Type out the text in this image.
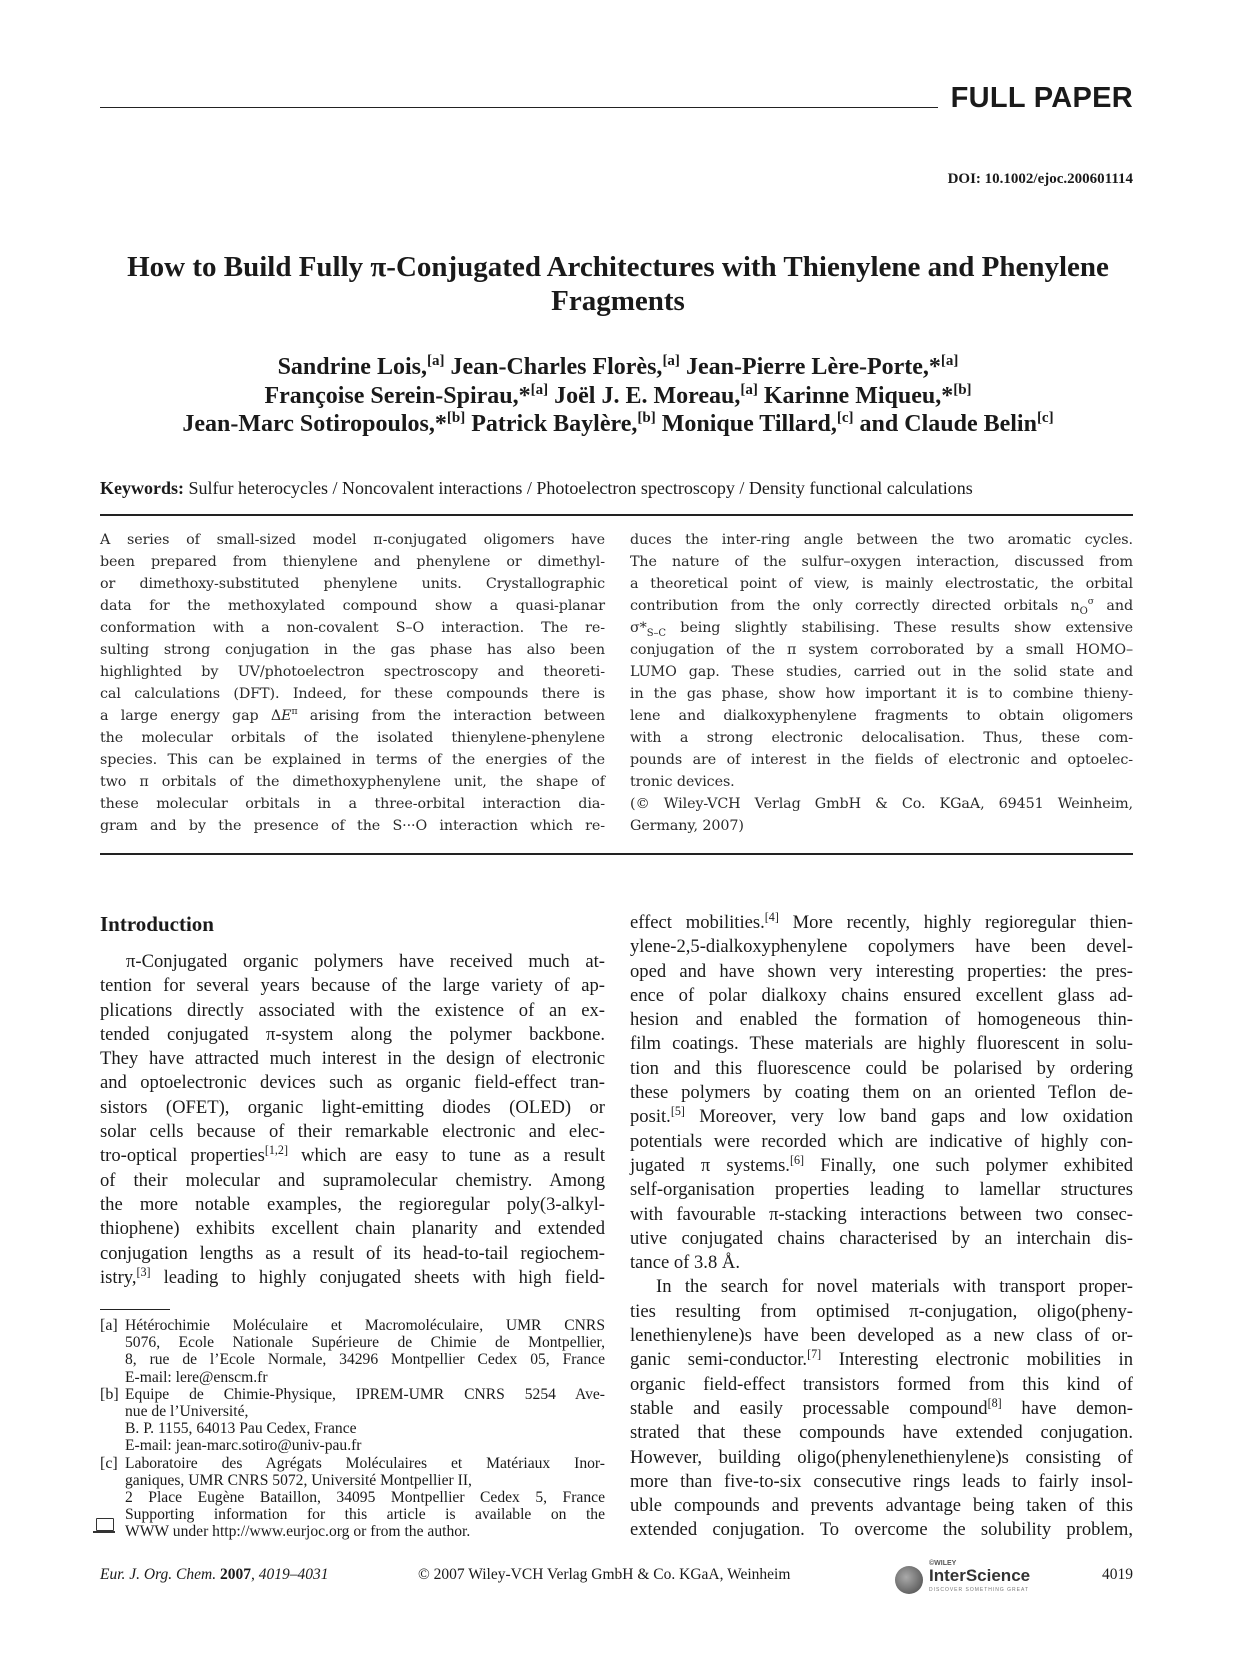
FULL PAPER
DOI: 10.1002/ejoc.200601114
How to Build Fully π-Conjugated Architectures with Thienylene and Phenylene
Fragments
Sandrine Lois,[a] Jean-Charles Florès,[a] Jean-Pierre Lère-Porte,*[a]
Françoise Serein-Spirau,*[a] Joël J. E. Moreau,[a] Karinne Miqueu,*[b]
Jean-Marc Sotiropoulos,*[b] Patrick Baylère,[b] Monique Tillard,[c] and Claude Belin[c]
Keywords: Sulfur heterocycles / Noncovalent interactions / Photoelectron spectroscopy / Density functional calculations
A series of small-sized model π-conjugated oligomers have
been prepared from thienylene and phenylene or dimethyl-
or dimethoxy-substituted phenylene units. Crystallographic
data for the methoxylated compound show a quasi-planar
conformation with a non-covalent S–O interaction. The re-
sulting strong conjugation in the gas phase has also been
highlighted by UV/photoelectron spectroscopy and theoreti-
cal calculations (DFT). Indeed, for these compounds there is
a large energy gap $\Delta E^\pi$ arising from the interaction between
the molecular orbitals of the isolated thienylene-phenylene
species. This can be explained in terms of the energies of the
two π orbitals of the dimethoxyphenylene unit, the shape of
these molecular orbitals in a three-orbital interaction dia-
gram and by the presence of the S···O interaction which re-
duces the inter-ring angle between the two aromatic cycles.
The nature of the sulfur–oxygen interaction, discussed from
a theoretical point of view, is mainly electrostatic, the orbital
contribution from the only correctly directed orbitals $n_O^\sigma$ and
$\sigma*_{S-C}$ being slightly stabilising. These results show extensive
conjugation of the π system corroborated by a small HOMO–
LUMO gap. These studies, carried out in the solid state and
in the gas phase, show how important it is to combine thieny-
lene and dialkoxyphenylene fragments to obtain oligomers
with a strong electronic delocalisation. Thus, these com-
pounds are of interest in the fields of electronic and optoelec-
tronic devices.
(© Wiley-VCH Verlag GmbH & Co. KGaA, 69451 Weinheim,
Germany, 2007)
Introduction
π-Conjugated organic polymers have received much at-
tention for several years because of the large variety of ap-
plications directly associated with the existence of an ex-
tended conjugated π-system along the polymer backbone.
They have attracted much interest in the design of electronic
and optoelectronic devices such as organic field-effect tran-
sistors (OFET), organic light-emitting diodes (OLED) or
solar cells because of their remarkable electronic and elec-
tro-optical properties[1,2] which are easy to tune as a result
of their molecular and supramolecular chemistry. Among
the more notable examples, the regioregular poly(3-alkyl-
thiophene) exhibits excellent chain planarity and extended
conjugation lengths as a result of its head-to-tail regiochem-
istry,[3] leading to highly conjugated sheets with high field-
effect mobilities.[4] More recently, highly regioregular thien-
ylene-2,5-dialkoxyphenylene copolymers have been devel-
oped and have shown very interesting properties: the pres-
ence of polar dialkoxy chains ensured excellent glass ad-
hesion and enabled the formation of homogeneous thin-
film coatings. These materials are highly fluorescent in solu-
tion and this fluorescence could be polarised by ordering
these polymers by coating them on an oriented Teflon de-
posit.[5] Moreover, very low band gaps and low oxidation
potentials were recorded which are indicative of highly con-
jugated π systems.[6] Finally, one such polymer exhibited
self-organisation properties leading to lamellar structures
with favourable π-stacking interactions between two consec-
utive conjugated chains characterised by an interchain dis-
tance of 3.8 Å.
In the search for novel materials with transport proper-
ties resulting from optimised π-conjugation, oligo(pheny-
lenethienylene)s have been developed as a new class of or-
ganic semi-conductor.[7] Interesting electronic mobilities in
organic field-effect transistors formed from this kind of
stable and easily processable compound[8] have demon-
strated that these compounds have extended conjugation.
However, building oligo(phenylenethienylene)s consisting of
more than five-to-six consecutive rings leads to fairly insol-
uble compounds and prevents advantage being taken of this
extended conjugation. To overcome the solubility problem,
[a] Hétérochimie Moléculaire et Macromoléculaire, UMR CNRS
5076, Ecole Nationale Supérieure de Chimie de Montpellier,
8, rue de l’Ecole Normale, 34296 Montpellier Cedex 05, France
E-mail: lere@enscm.fr
[b] Equipe de Chimie-Physique, IPREM-UMR CNRS 5254 Ave-
nue de l’Université,
B. P. 1155, 64013 Pau Cedex, France
E-mail: jean-marc.sotiro@univ-pau.fr
[c] Laboratoire des Agrégats Moléculaires et Matériaux Inor-
ganiques, UMR CNRS 5072, Université Montpellier II,
2 Place Eugène Bataillon, 34095 Montpellier Cedex 5, France
Supporting information for this article is available on the
WWW under http://www.eurjoc.org or from the author.
Eur. J. Org. Chem. 2007, 4019–4031	© 2007 Wiley-VCH Verlag GmbH & Co. KGaA, Weinheim
©WILEY
InterScience
DISCOVER SOMETHING GREAT
4019
